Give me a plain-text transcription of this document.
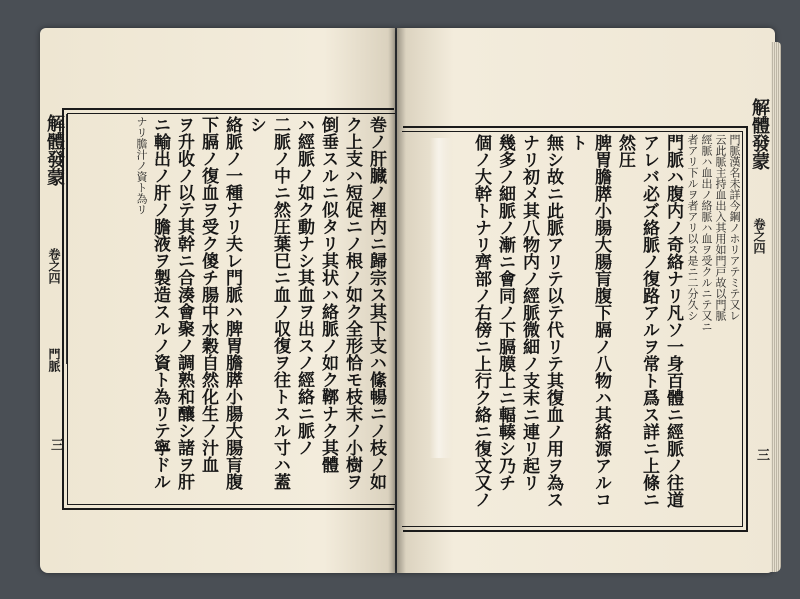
解體發蒙
卷之四
門脈
三	巻ノ肝臓ノ裡内ニ歸宗ス其下支ハ絛暢ニノ枝ノ如
ク上支ハ短促ニノ根ノ如ク全形恰モ枝末ノ小樹ヲ
倒垂スルニ似タリ其状ハ絡脈ノ如ク鞹ナク其體
ハ經脈ノ如ク動ナシ其血ヲ出スノ經絡ニ脈ノ
二脈ノ中ニ然圧葉巳ニ血ノ収復ヲ往トスル寸ハ蓋シ
絡脈ノ一種ナリ夫レ門脈ハ脾胃膽膵小腸大腸肓腹
下膈ノ復血ヲ受ク傻チ腸中水穀自然化生ノ汁血
ヲ升收ノ以テ其幹ニ合湊會聚ノ調熟和釀シ諸ヲ肝
ニ輸出ノ肝ノ膽液ヲ製造スルノ資ト為リテ寧ドル
ナリ膽汁ノ資ト為リ	解體發蒙
卷之四
三
門脈漢名未詳今鋼ノホリアテミテ又レ
云此脈主持血出入其用如門戸故以門脈
經脈ハ血出ノ絡脈ハ血ヲ受クルニテ又ニ
者アリ下ルヲ者アリ以ス是ニ二分久シ
門脈ハ腹内ノ奇絡ナリ凡ソ一身百體ニ經脈ノ往道
アレバ必ズ絡脈ノ復路アルヲ常ト爲ス詳ニ上條ニ然圧
脾胃膽膵小腸大腸肓腹下膈ノ八物ハ其絡源アルコト
無シ故ニ此脈アリテ以テ代リテ其復血ノ用ヲ為ス
ナリ初メ其八物内ノ經脈微細ノ支末ニ連リ起リ
幾多ノ細脈ノ漸ニ會同ノ下膈膜上ニ輻輳シ乃チ
個ノ大幹トナリ齊部ノ右傍ニ上行ク絡ニ復文又ノ
